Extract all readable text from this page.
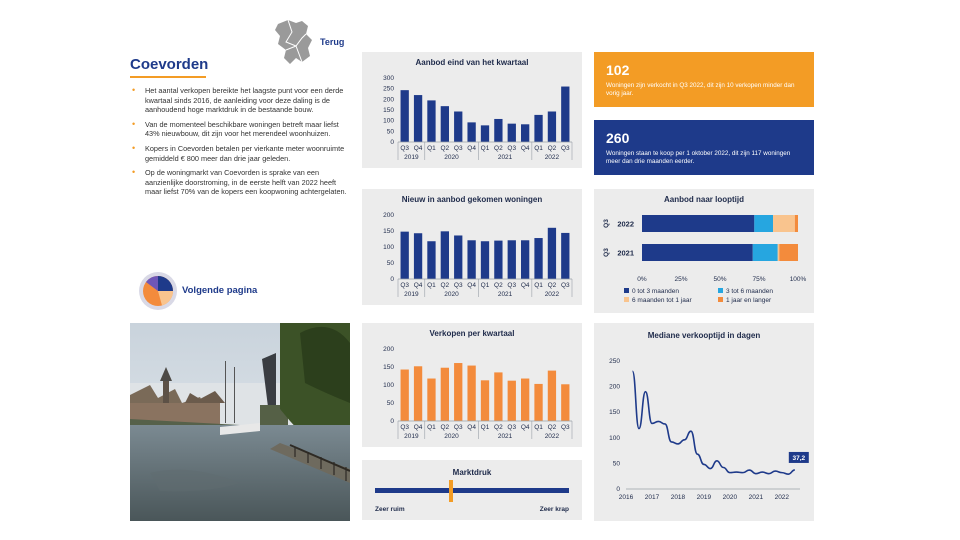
Terug
Coevorden
• Het aantal verkopen bereikte het laagste punt voor een derde kwartaal sinds 2016, de aanleiding voor deze daling is de aanhoudend hoge marktdruk in de bestaande bouw.
• Van de momenteel beschikbare woningen betreft maar liefst 43% nieuwbouw, dit zijn voor het merendeel woonhuizen.
• Kopers in Coevorden betalen per vierkante meter woonruimte gemiddeld € 800 meer dan drie jaar geleden.
• Op de woningmarkt van Coevorden is sprake van een aanzienlijke doorstroming, in de eerste helft van 2022 heeft maar liefst 70% van de kopers een koopwoning achtergelaten.
Volgende pagina
Aanbod eind van het kwartaal
0
50
100
150
200
250
300
Q3 Q4 Q1 Q2 Q3 Q4 Q1 Q2 Q3 Q4 Q1 Q2 Q3
2019	2020	2021	2022
Nieuw in aanbod gekomen woningen
0
50
100
150
200
Q3 Q4 Q1 Q2 Q3 Q4 Q1 Q2 Q3 Q4 Q1 Q2 Q3
2019	2020	2021	2022
Verkopen per kwartaal
0
50
100
150
200
Q3 Q4 Q1 Q2 Q3 Q4 Q1 Q2 Q3 Q4 Q1 Q2 Q3
2019	2020	2021	2022
Marktdruk
Zeer ruim	Zeer krap
102
Woningen zijn verkocht in Q3 2022, dit zijn 10 verkopen minder dan vorig jaar.
260
Woningen staan te koop per 1 oktober 2022, dit zijn 117 woningen meer dan drie maanden eerder.
Aanbod naar looptijd
Q3 2022
Q3 2021
0%	25%	50%	75%	100%
0 tot 3 maanden	3 tot 6 maanden
6 maanden tot 1 jaar	1 jaar en langer
Mediane verkooptijd in dagen
0
50
100
150
200
250
2016 2017 2018 2019 2020 2021 2022
37,2
